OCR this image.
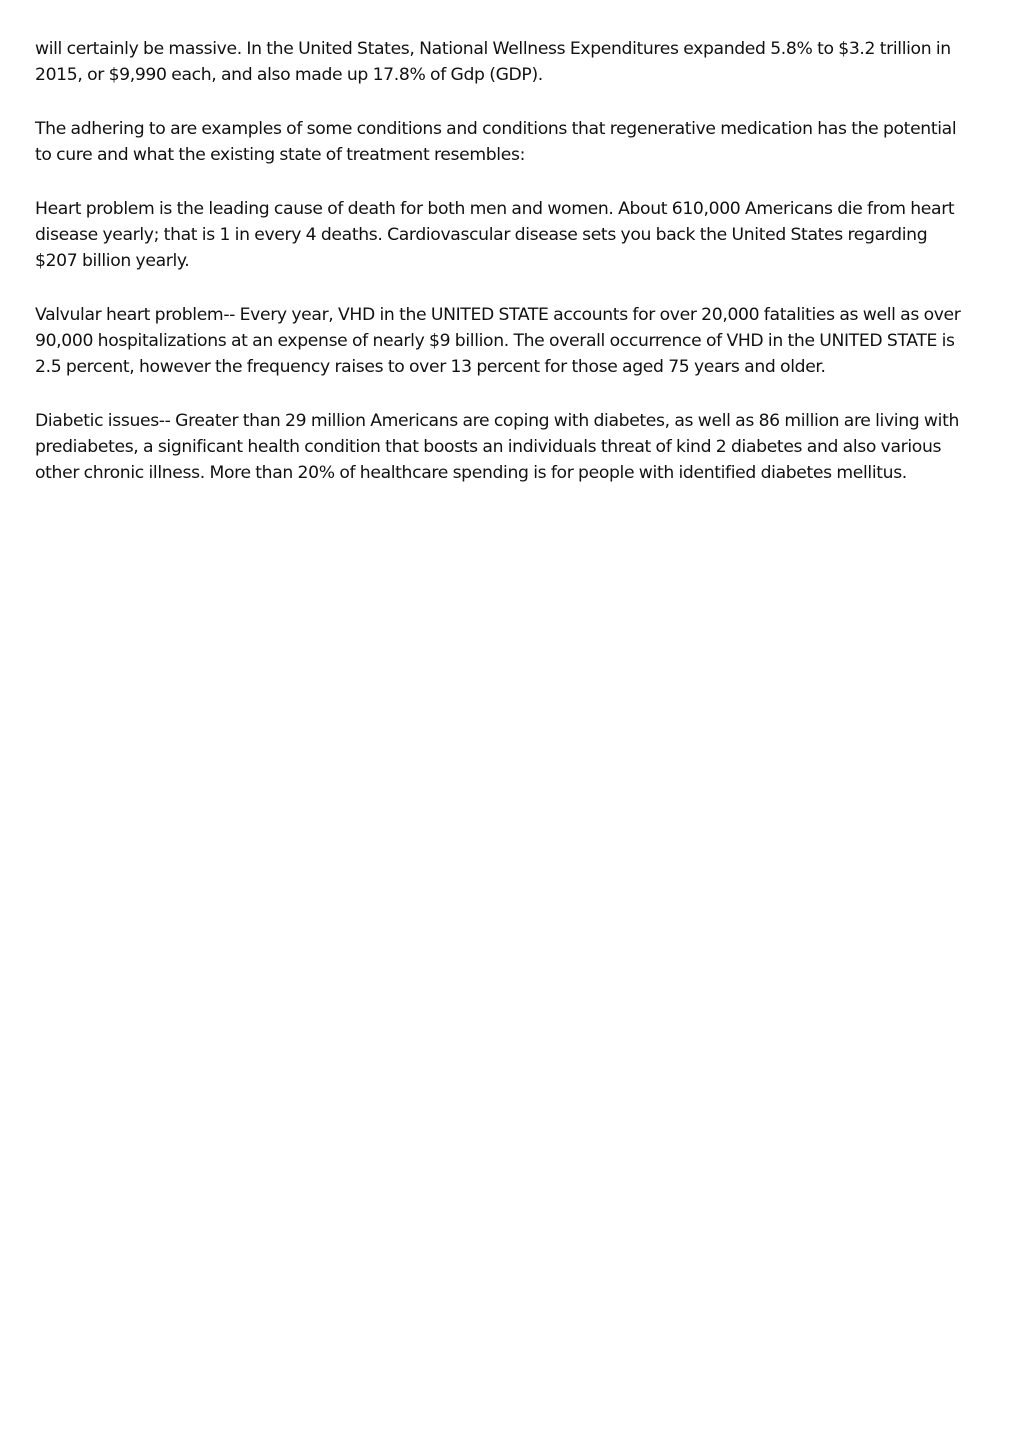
will certainly be massive. In the United States, National Wellness Expenditures expanded 5.8% to $3.2 trillion in 2015, or $9,990 each, and also made up 17.8% of Gdp (GDP).

The adhering to are examples of some conditions and conditions that regenerative medication has the potential to cure and what the existing state of treatment resembles:

Heart problem is the leading cause of death for both men and women. About 610,000 Americans die from heart disease yearly; that is 1 in every 4 deaths. Cardiovascular disease sets you back the United States regarding $207 billion yearly.

Valvular heart problem-- Every year, VHD in the UNITED STATE accounts for over 20,000 fatalities as well as over 90,000 hospitalizations at an expense of nearly $9 billion. The overall occurrence of VHD in the UNITED STATE is 2.5 percent, however the frequency raises to over 13 percent for those aged 75 years and older.

Diabetic issues-- Greater than 29 million Americans are coping with diabetes, as well as 86 million are living with prediabetes, a significant health condition that boosts an individuals threat of kind 2 diabetes and also various other chronic illness. More than 20% of healthcare spending is for people with identified diabetes mellitus.
